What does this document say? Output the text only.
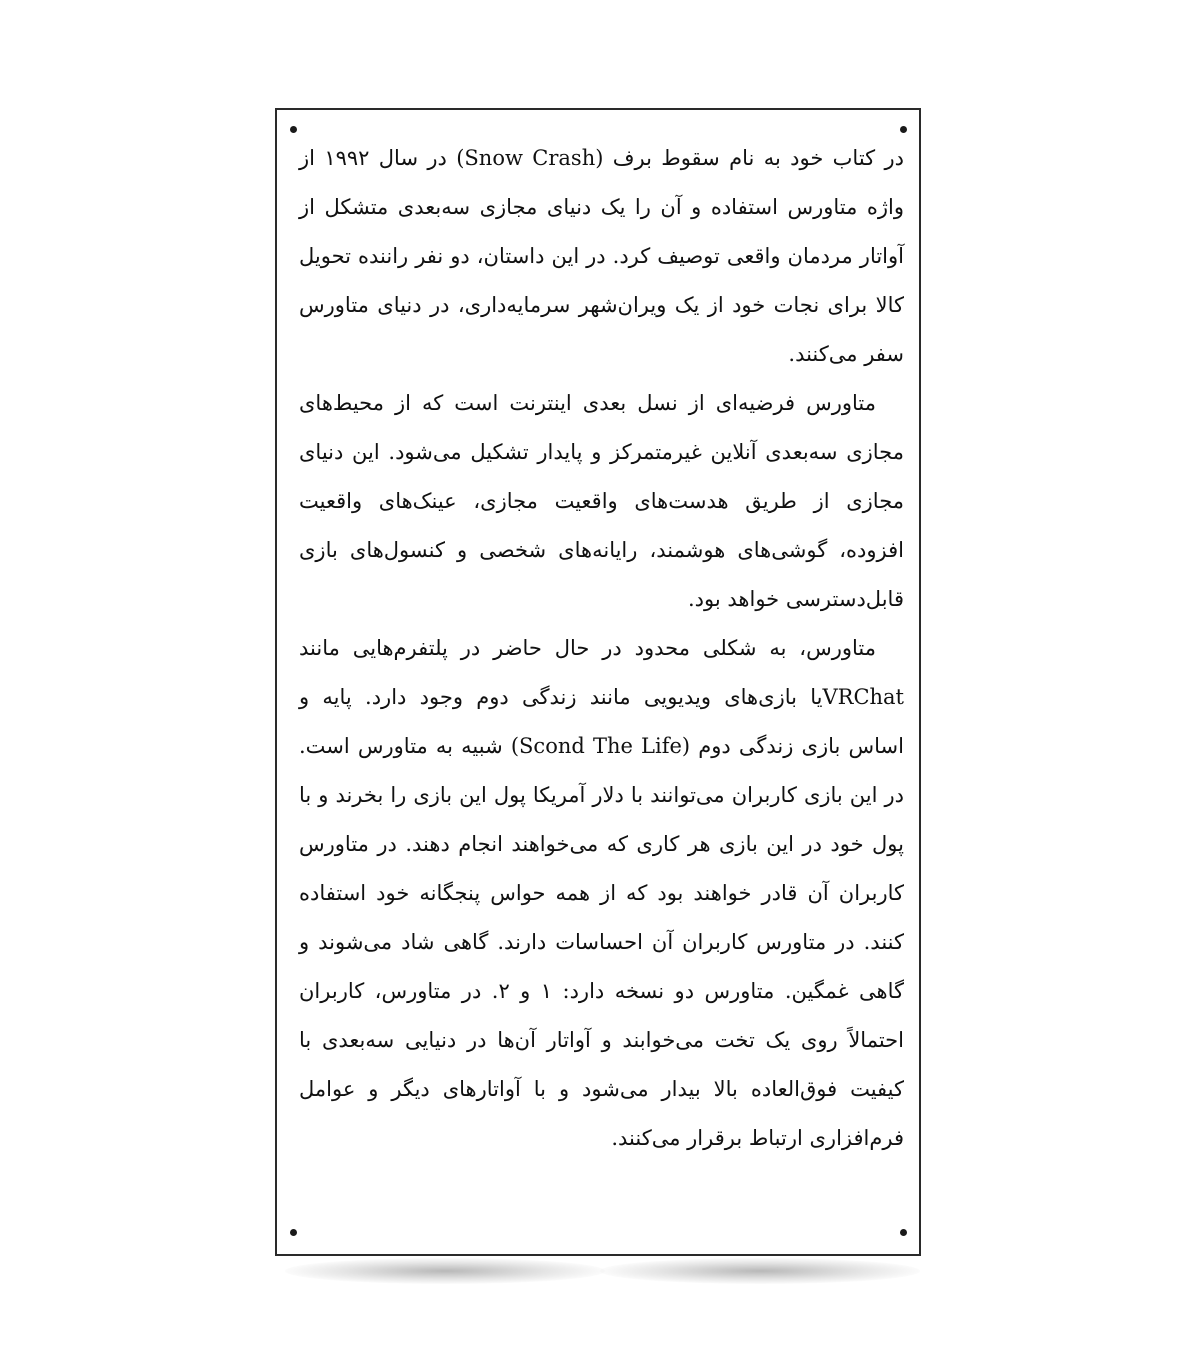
در کتاب خود به نام سقوط برف (Snow Crash) در سال ۱۹۹۲ از واژه متاورس استفاده و آن را یک دنیای مجازی سه‌بعدی متشکل از آواتار مردمان واقعی توصیف کرد. در این داستان، دو نفر راننده تحویل کالا برای نجات خود از یک ویران‌شهر سرمایه‌داری، در دنیای متاورس سفر می‌کنند.

متاورس فرضیه‌ای از نسل بعدی اینترنت است که از محیط‌های مجازی سه‌بعدی آنلاین غیرمتمرکز و پایدار تشکیل می‌شود. این دنیای مجازی از طریق هدست‌های واقعیت مجازی، عینک‌های واقعیت افزوده، گوشی‌های هوشمند، رایانه‌های شخصی و کنسول‌های بازی قابل‌دسترسی خواهد بود.

متاورس، به شکلی محدود در حال حاضر در پلتفرم‌هایی مانند VRChatیا بازی‌های ویدیویی مانند زندگی دوم وجود دارد. پایه و اساس بازی زندگی دوم (Scond The Life) شبیه به متاورس است. در این بازی کاربران می‌توانند با دلار آمریکا پول این بازی را بخرند و با پول خود در این بازی هر کاری که می‌خواهند انجام دهند. در متاورس کاربران آن قادر خواهند بود که از همه حواس پنجگانه خود استفاده کنند. در متاورس کاربران آن احساسات دارند. گاهی شاد می‌شوند و گاهی غمگین. متاورس دو نسخه دارد: ۱ و ۲. در متاورس، کاربران احتمالاً روی یک تخت می‌خوابند و آواتار آن‌ها در دنیایی سه‌بعدی با کیفیت فوق‌العاده بالا بیدار می‌شود و با آواتارهای دیگر و عوامل فرم‌افزاری ارتباط برقرار می‌کنند.
